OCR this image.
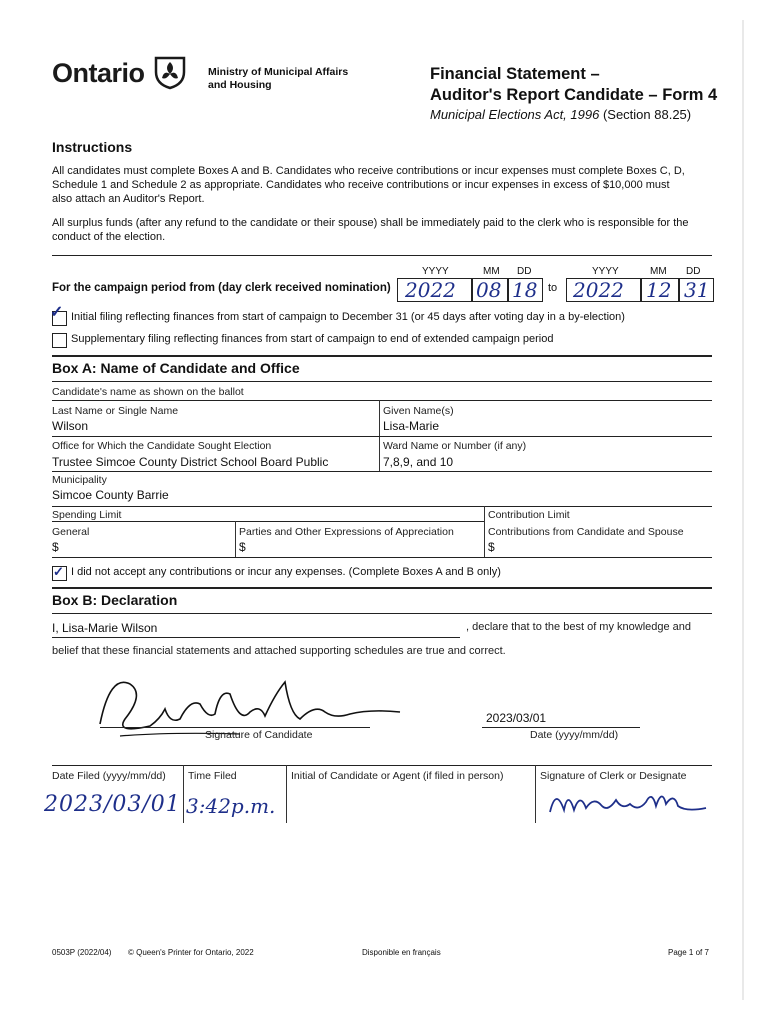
Ontario	Ministry of Municipal Affairs and Housing
Financial Statement –
Auditor's Report Candidate – Form 4
Municipal Elections Act, 1996 (Section 88.25)
Instructions
All candidates must complete Boxes A and B. Candidates who receive contributions or incur expenses must complete Boxes C, D, Schedule 1 and Schedule 2 as appropriate. Candidates who receive contributions or incur expenses in excess of $10,000 must also attach an Auditor's Report.
All surplus funds (after any refund to the candidate or their spouse) shall be immediately paid to the clerk who is responsible for the conduct of the election.
For the campaign period from (day clerk received nomination)
YYYY	MM DD	YYYY	MM DD
2022 08 18 to 2022 12 31
✓ Initial filing reflecting finances from start of campaign to December 31 (or 45 days after voting day in a by-election)
Supplementary filing reflecting finances from start of campaign to end of extended campaign period
Box A: Name of Candidate and Office
Candidate's name as shown on the ballot
Last Name or Single Name
Wilson
Given Name(s)
Lisa-Marie
Office for Which the Candidate Sought Election
Trustee Simcoe County District School Board Public
Ward Name or Number (if any)
7,8,9, and 10
Municipality
Simcoe County Barrie
Spending Limit	Contribution Limit
General
$
Parties and Other Expressions of Appreciation
$
Contributions from Candidate and Spouse
$
✓ I did not accept any contributions or incur any expenses. (Complete Boxes A and B only)
Box B: Declaration
I, Lisa-Marie Wilson	, declare that to the best of my knowledge and
belief that these financial statements and attached supporting schedules are true and correct.
Signature of Candidate
2023/03/01
Date (yyyy/mm/dd)
Date Filed (yyyy/mm/dd) Time Filed	Initial of Candidate or Agent (if filed in person)	Signature of Clerk or Designate
2023/03/01 3:42p.m.
0503P (2022/04) © Queen's Printer for Ontario, 2022	Disponible en français	Page 1 of 7
